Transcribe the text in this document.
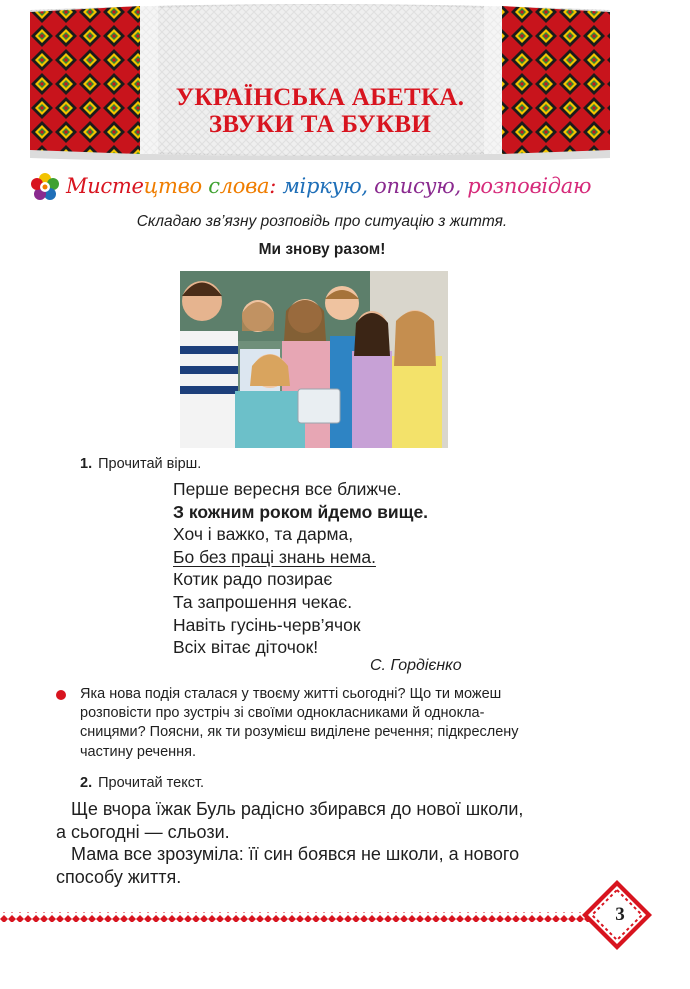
УКРАЇНСЬКА АБЕТКА.
ЗВУКИ ТА БУКВИ
Мистецтво слова: міркую, описую, розповідаю
Складаю зв’язну розповідь про ситуацію з життя.
Ми знову разом!
1. Прочитай вірш.
Перше вересня все ближче.
З кожним роком йдемо вище.
Хоч і важко, та дарма,
Бо без праці знань нема.
Котик радо позирає
Та запрошення чекає.
Навіть гусінь-черв’ячок
Всіх вітає діточок!
С. Гордієнко
Яка нова подія сталася у твоєму житті сьогодні? Що ти можеш
розповісти про зустріч зі своїми однокласниками й однокла-
сницями? Поясни, як ти розумієш виділене речення; підкреслену
частину речення.
2. Прочитай текст.
Ще вчора їжак Буль радісно збирався до нової школи,
а сьогодні — сльози.
Мама все зрозуміла: її син боявся не школи, а нового
способу життя.
3
